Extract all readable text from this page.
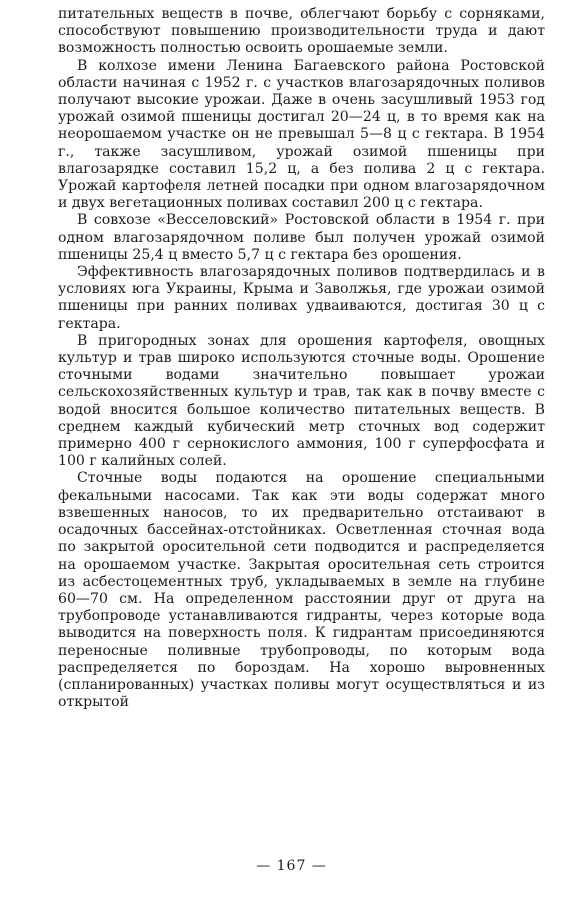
питательных веществ в почве, облегчают борьбу с сорняками, способствуют повышению производительности труда и дают возможность полностью освоить орошаемые земли.

В колхозе имени Ленина Багаевского района Ростовской области начиная с 1952 г. с участков влагозарядочных поливов получают высокие урожаи. Даже в очень засушливый 1953 год урожай озимой пшеницы достигал 20—24 ц, в то время как на неорошаемом участке он не превышал 5—8 ц с гектара. В 1954 г., также засушливом, урожай озимой пшеницы при влагозарядке составил 15,2 ц, а без полива 2 ц с гектара. Урожай картофеля летней посадки при одном влагозарядочном и двух вегетационных поливах составил 200 ц с гектара.

В совхозе «Весселовский» Ростовской области в 1954 г. при одном влагозарядочном поливе был получен урожай озимой пшеницы 25,4 ц вместо 5,7 ц с гектара без орошения.

Эффективность влагозарядочных поливов подтвердилась и в условиях юга Украины, Крыма и Заволжья, где урожаи озимой пшеницы при ранних поливах удваиваются, достигая 30 ц с гектара.

В пригородных зонах для орошения картофеля, овощных культур и трав широко используются сточные воды. Орошение сточными водами значительно повышает урожаи сельскохозяйственных культур и трав, так как в почву вместе с водой вносится большое количество питательных веществ. В среднем каждый кубический метр сточных вод содержит примерно 400 г сернокислого аммония, 100 г суперфосфата и 100 г калийных солей.

Сточные воды подаются на орошение специальными фекальными насосами. Так как эти воды содержат много взвешенных наносов, то их предварительно отстаивают в осадочных бассейнах-отстойниках. Осветленная сточная вода по закрытой оросительной сети подводится и распределяется на орошаемом участке. Закрытая оросительная сеть строится из асбестоцементных труб, укладываемых в земле на глубине 60—70 см. На определенном расстоянии друг от друга на трубопроводе устанавливаются гидранты, через которые вода выводится на поверхность поля. К гидрантам присоединяются переносные поливные трубопроводы, по которым вода распределяется по бороздам. На хорошо выровненных (спланированных) участках поливы могут осуществляться и из открытой

— 167 —
